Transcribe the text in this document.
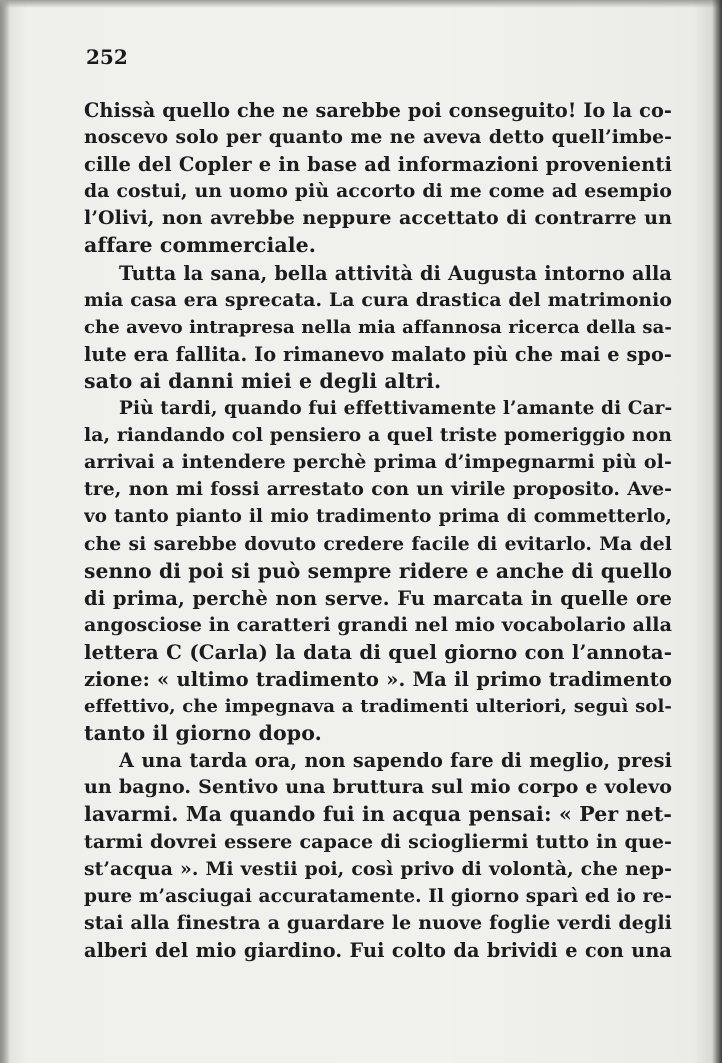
252

Chissà quello che ne sarebbe poi conseguito! Io la co-
noscevo solo per quanto me ne aveva detto quell’imbe-
cille del Copler e in base ad informazioni provenienti
da costui, un uomo più accorto di me come ad esempio
l’Olivi, non avrebbe neppure accettato di contrarre un
affare commerciale.
Tutta la sana, bella attività di Augusta intorno alla
mia casa era sprecata. La cura drastica del matrimonio
che avevo intrapresa nella mia affannosa ricerca della sa-
lute era fallita. Io rimanevo malato più che mai e spo-
sato ai danni miei e degli altri.
Più tardi, quando fui effettivamente l’amante di Car-
la, riandando col pensiero a quel triste pomeriggio non
arrivai a intendere perchè prima d’impegnarmi più ol-
tre, non mi fossi arrestato con un virile proposito. Ave-
vo tanto pianto il mio tradimento prima di commetterlo,
che si sarebbe dovuto credere facile di evitarlo. Ma del
senno di poi si può sempre ridere e anche di quello
di prima, perchè non serve. Fu marcata in quelle ore
angosciose in caratteri grandi nel mio vocabolario alla
lettera C (Carla) la data di quel giorno con l’annota-
zione: « ultimo tradimento ». Ma il primo tradimento
effettivo, che impegnava a tradimenti ulteriori, seguì sol-
tanto il giorno dopo.
A una tarda ora, non sapendo fare di meglio, presi
un bagno. Sentivo una bruttura sul mio corpo e volevo
lavarmi. Ma quando fui in acqua pensai: « Per net-
tarmi dovrei essere capace di sciogliermi tutto in que-
st’acqua ». Mi vestii poi, così privo di volontà, che nep-
pure m’asciugai accuratamente. Il giorno sparì ed io re-
stai alla finestra a guardare le nuove foglie verdi degli
alberi del mio giardino. Fui colto da brividi e con una
